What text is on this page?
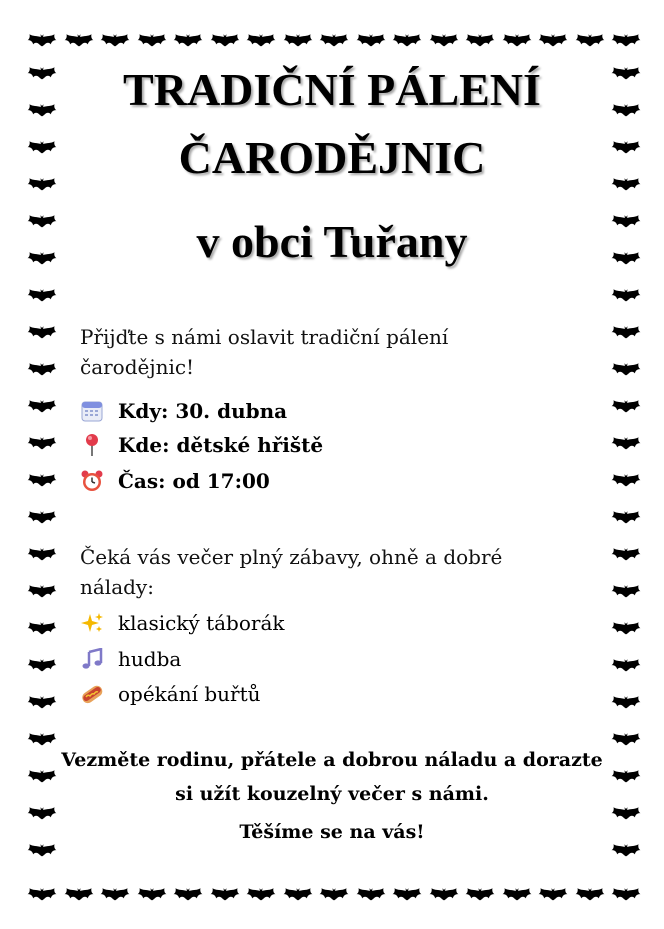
TRADIČNÍ PÁLENÍ
ČARODĚJNIC
v obci Tuřany

Přijďte s námi oslavit tradiční pálení čarodějnic!

Kdy: 30. dubna
Kde: dětské hřiště
Čas: od 17:00

Čeká vás večer plný zábavy, ohně a dobré nálady:

klasický táborák
hudba
opékání buřtů

Vezměte rodinu, přátele a dobrou náladu a dorazte si užít kouzelný večer s námi.

Těšíme se na vás!
